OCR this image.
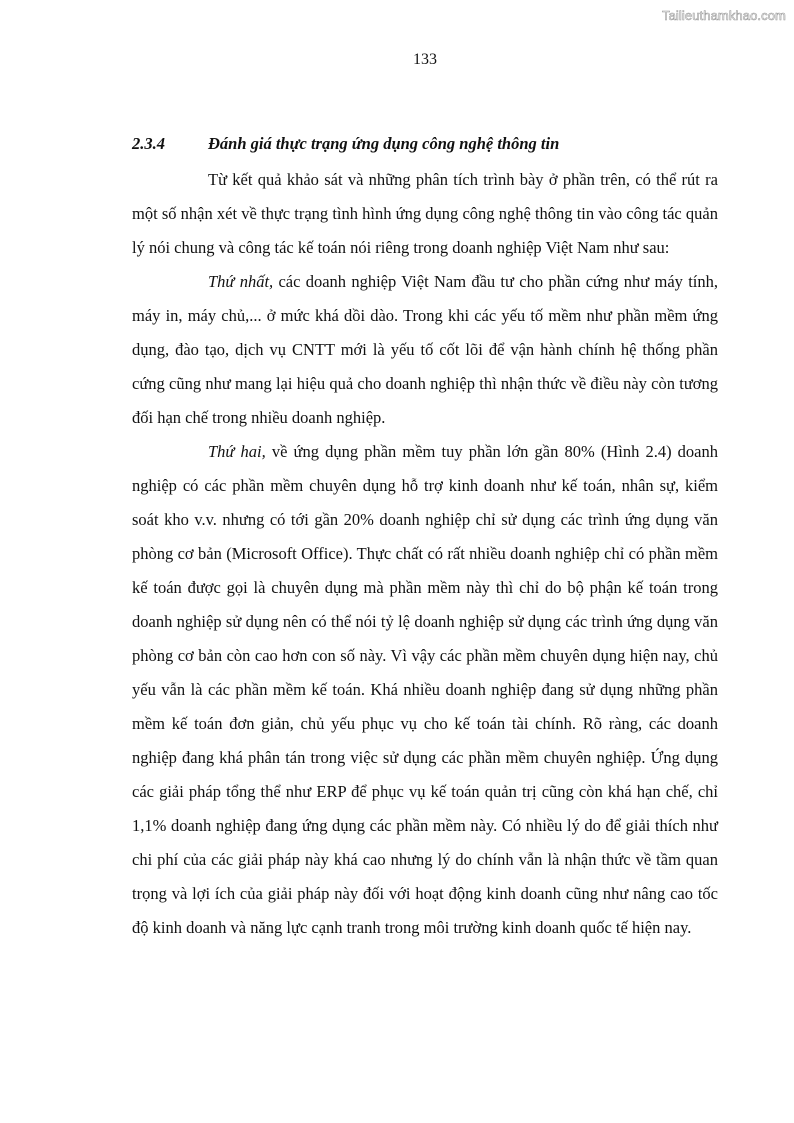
Tailieuthamkhao.com
133
2.3.4	Đánh giá thực trạng ứng dụng công nghệ thông tin

Từ kết quả khảo sát và những phân tích trình bày ở phần trên, có thể rút ra một số nhận xét về thực trạng tình hình ứng dụng công nghệ thông tin vào công tác quản lý nói chung và công tác kế toán nói riêng trong doanh nghiệp Việt Nam như sau:

Thứ nhất, các doanh nghiệp Việt Nam đầu tư cho phần cứng như máy tính, máy in, máy chủ,... ở mức khá dồi dào. Trong khi các yếu tố mềm như phần mềm ứng dụng, đào tạo, dịch vụ CNTT mới là yếu tố cốt lõi để vận hành chính hệ thống phần cứng cũng như mang lại hiệu quả cho doanh nghiệp thì nhận thức về điều này còn tương đối hạn chế trong nhiều doanh nghiệp.

Thứ hai, về ứng dụng phần mềm tuy phần lớn gần 80% (Hình 2.4) doanh nghiệp có các phần mềm chuyên dụng hỗ trợ kinh doanh như kế toán, nhân sự, kiểm soát kho v.v. nhưng có tới gần 20% doanh nghiệp chỉ sử dụng các trình ứng dụng văn phòng cơ bản (Microsoft Office). Thực chất có rất nhiều doanh nghiệp chỉ có phần mềm kế toán được gọi là chuyên dụng mà phần mềm này thì chỉ do bộ phận kế toán trong doanh nghiệp sử dụng nên có thể nói tỷ lệ doanh nghiệp sử dụng các trình ứng dụng văn phòng cơ bản còn cao hơn con số này. Vì vậy các phần mềm chuyên dụng hiện nay, chủ yếu vẫn là các phần mềm kế toán. Khá nhiều doanh nghiệp đang sử dụng những phần mềm kế toán đơn giản, chủ yếu phục vụ cho kế toán tài chính. Rõ ràng, các doanh nghiệp đang khá phân tán trong việc sử dụng các phần mềm chuyên nghiệp. Ứng dụng các giải pháp tổng thể như ERP để phục vụ kế toán quản trị cũng còn khá hạn chế, chỉ 1,1% doanh nghiệp đang ứng dụng các phần mềm này. Có nhiều lý do để giải thích như chi phí của các giải pháp này khá cao nhưng lý do chính vẫn là nhận thức về tầm quan trọng và lợi ích của giải pháp này đối với hoạt động kinh doanh cũng như nâng cao tốc độ kinh doanh và năng lực cạnh tranh trong môi trường kinh doanh quốc tế hiện nay.
